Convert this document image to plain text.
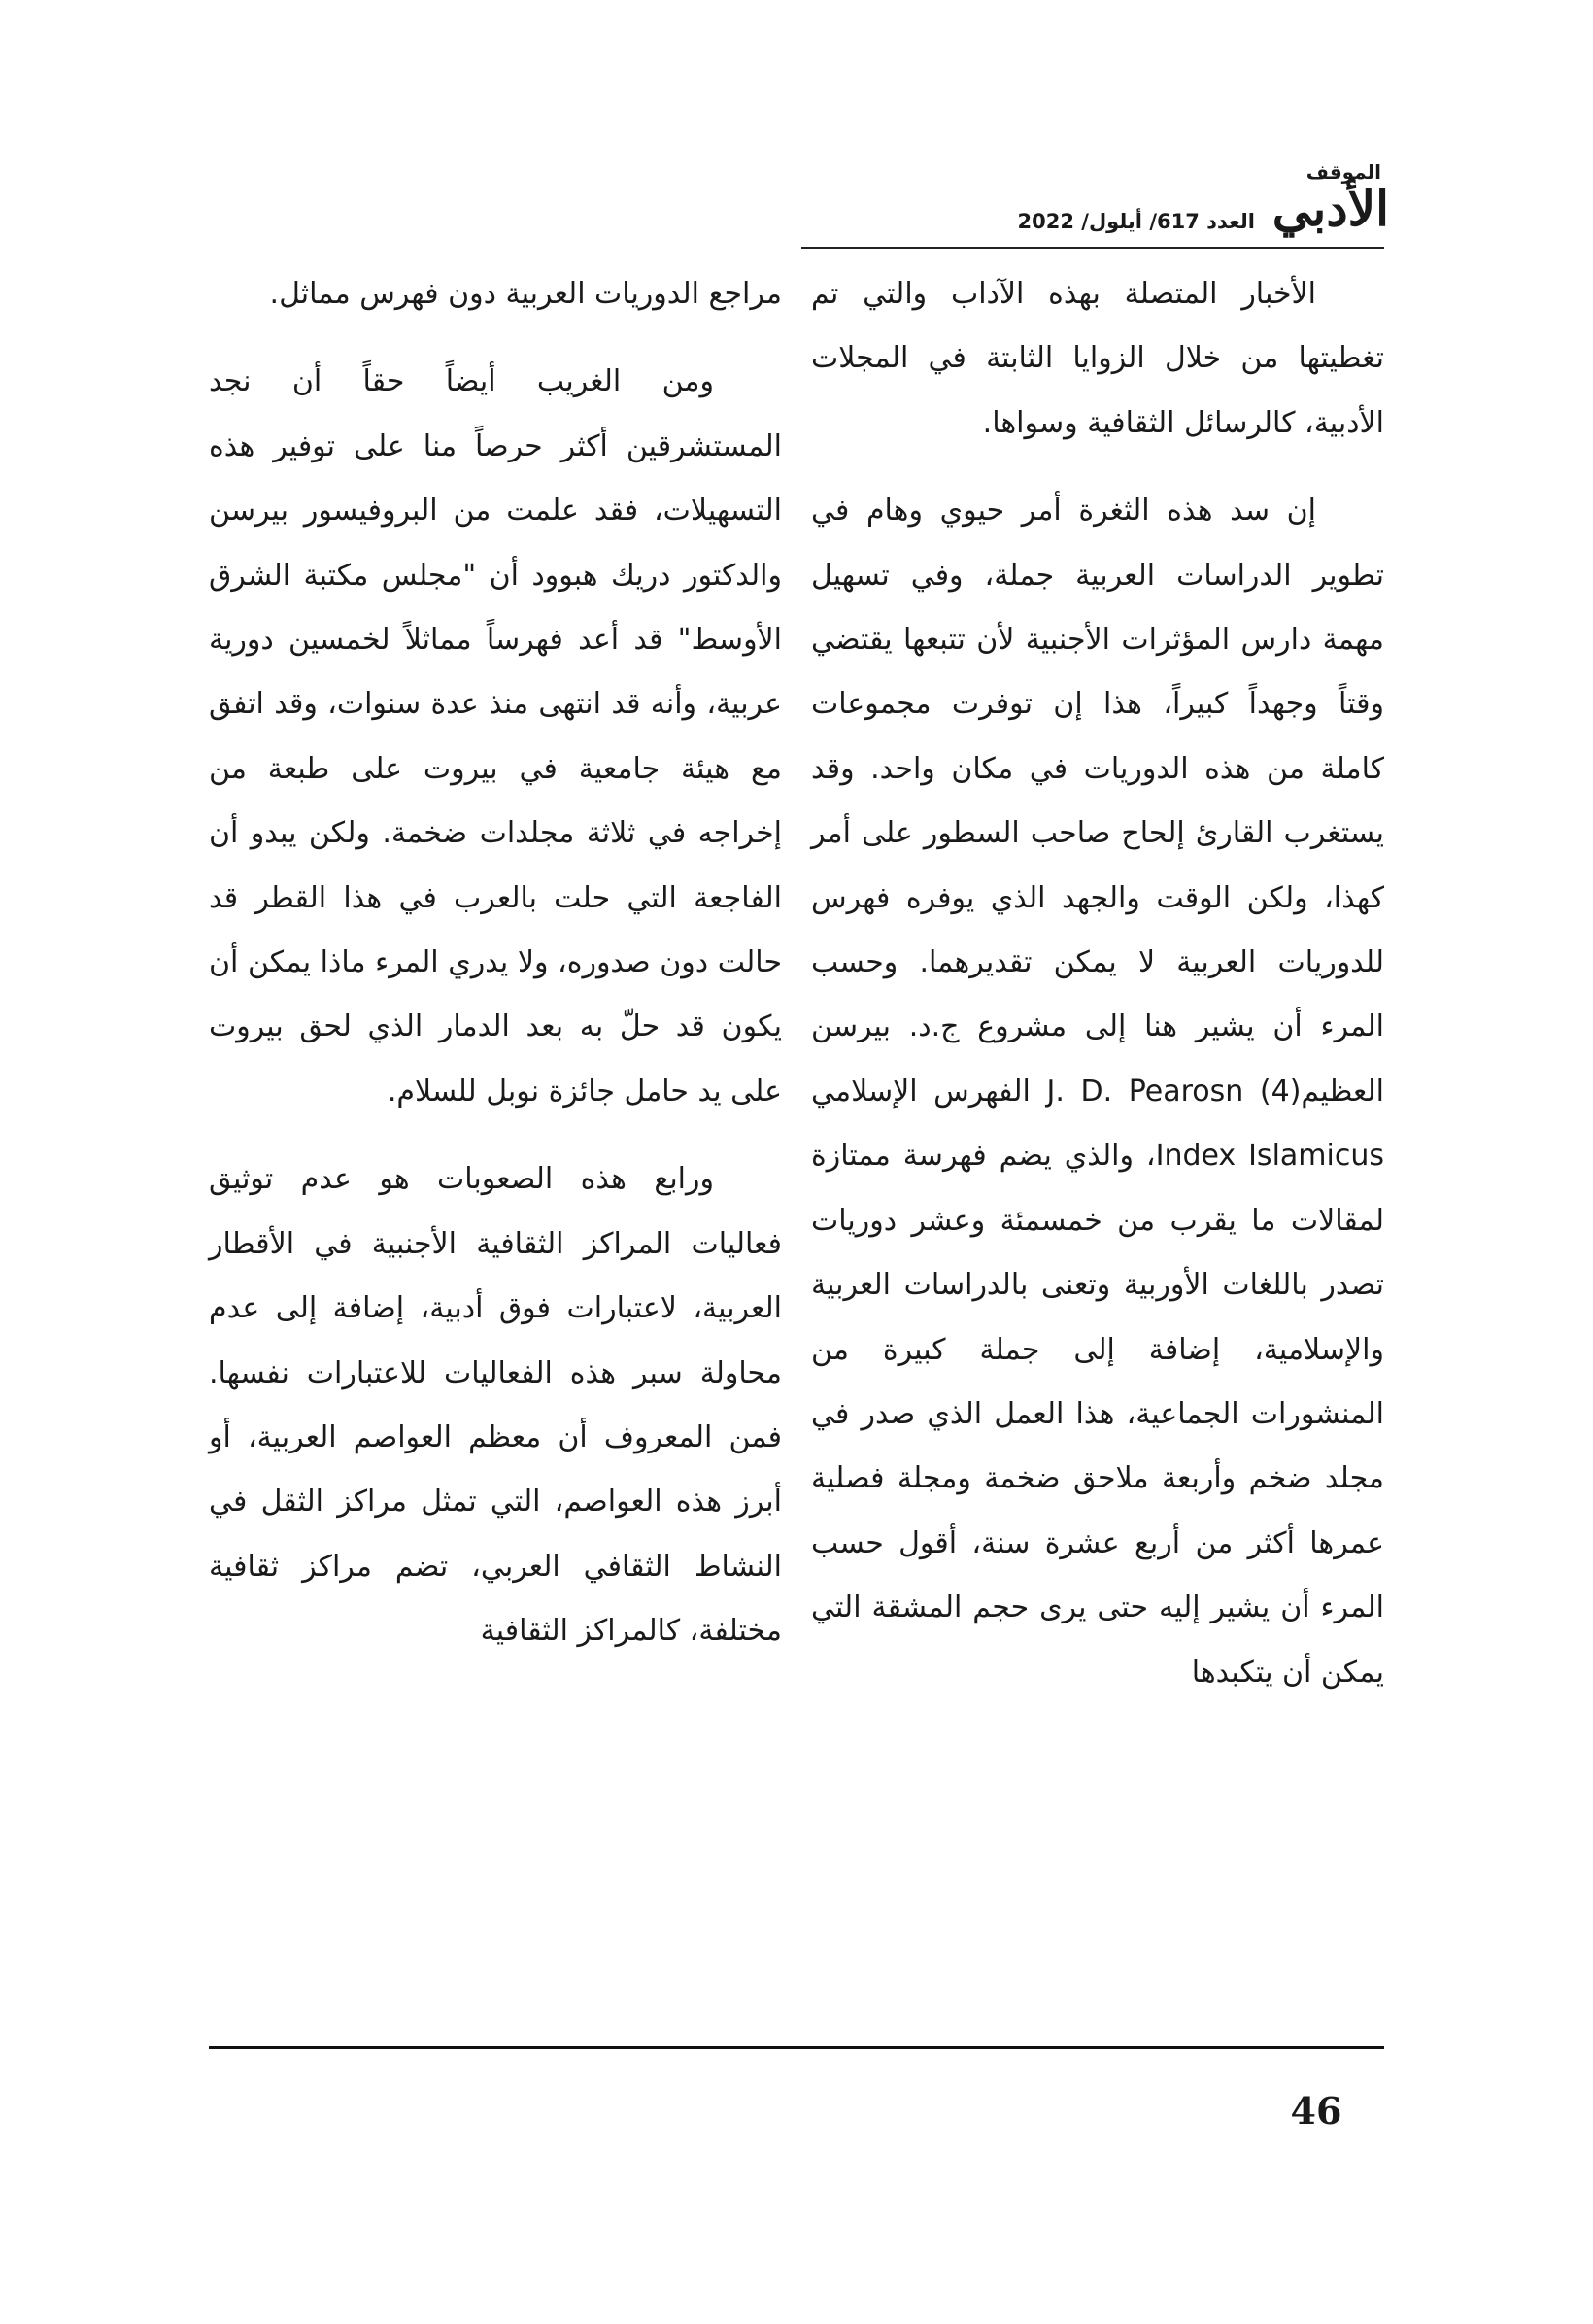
الموقف
الأدبي
العدد 617/ أيلول/ 2022

الأخبار المتصلة بهذه الآداب والتي تم تغطيتها من خلال الزوايا الثابتة في المجلات الأدبية، كالرسائل الثقافية وسواها.

إن سد هذه الثغرة أمر حيوي وهام في تطوير الدراسات العربية جملة، وفي تسهيل مهمة دارس المؤثرات الأجنبية لأن تتبعها يقتضي وقتاً وجهداً كبيراً، هذا إن توفرت مجموعات كاملة من هذه الدوريات في مكان واحد. وقد يستغرب القارئ إلحاح صاحب السطور على أمر كهذا، ولكن الوقت والجهد الذي يوفره فهرس للدوريات العربية لا يمكن تقديرهما. وحسب المرء أن يشير هنا إلى مشروع ج.د. بيرسن العظيم(4) J. D. Pearosn الفهرس الإسلامي Index Islamicus، والذي يضم فهرسة ممتازة لمقالات ما يقرب من خمسمئة وعشر دوريات تصدر باللغات الأوربية وتعنى بالدراسات العربية والإسلامية، إضافة إلى جملة كبيرة من المنشورات الجماعية، هذا العمل الذي صدر في مجلد ضخم وأربعة ملاحق ضخمة ومجلة فصلية عمرها أكثر من أربع عشرة سنة، أقول حسب المرء أن يشير إليه حتى يرى حجم المشقة التي يمكن أن يتكبدها

مراجع الدوريات العربية دون فهرس مماثل.

ومن الغريب أيضاً حقاً أن نجد المستشرقين أكثر حرصاً منا على توفير هذه التسهيلات، فقد علمت من البروفيسور بيرسن والدكتور دريك هبوود أن "مجلس مكتبة الشرق الأوسط" قد أعد فهرساً مماثلاً لخمسين دورية عربية، وأنه قد انتهى منذ عدة سنوات، وقد اتفق مع هيئة جامعية في بيروت على طبعة من إخراجه في ثلاثة مجلدات ضخمة. ولكن يبدو أن الفاجعة التي حلت بالعرب في هذا القطر قد حالت دون صدوره، ولا يدري المرء ماذا يمكن أن يكون قد حلّ به بعد الدمار الذي لحق بيروت على يد حامل جائزة نوبل للسلام.

ورابع هذه الصعوبات هو عدم توثيق فعاليات المراكز الثقافية الأجنبية في الأقطار العربية، لاعتبارات فوق أدبية، إضافة إلى عدم محاولة سبر هذه الفعاليات للاعتبارات نفسها. فمن المعروف أن معظم العواصم العربية، أو أبرز هذه العواصم، التي تمثل مراكز الثقل في النشاط الثقافي العربي، تضم مراكز ثقافية مختلفة، كالمراكز الثقافية

46
